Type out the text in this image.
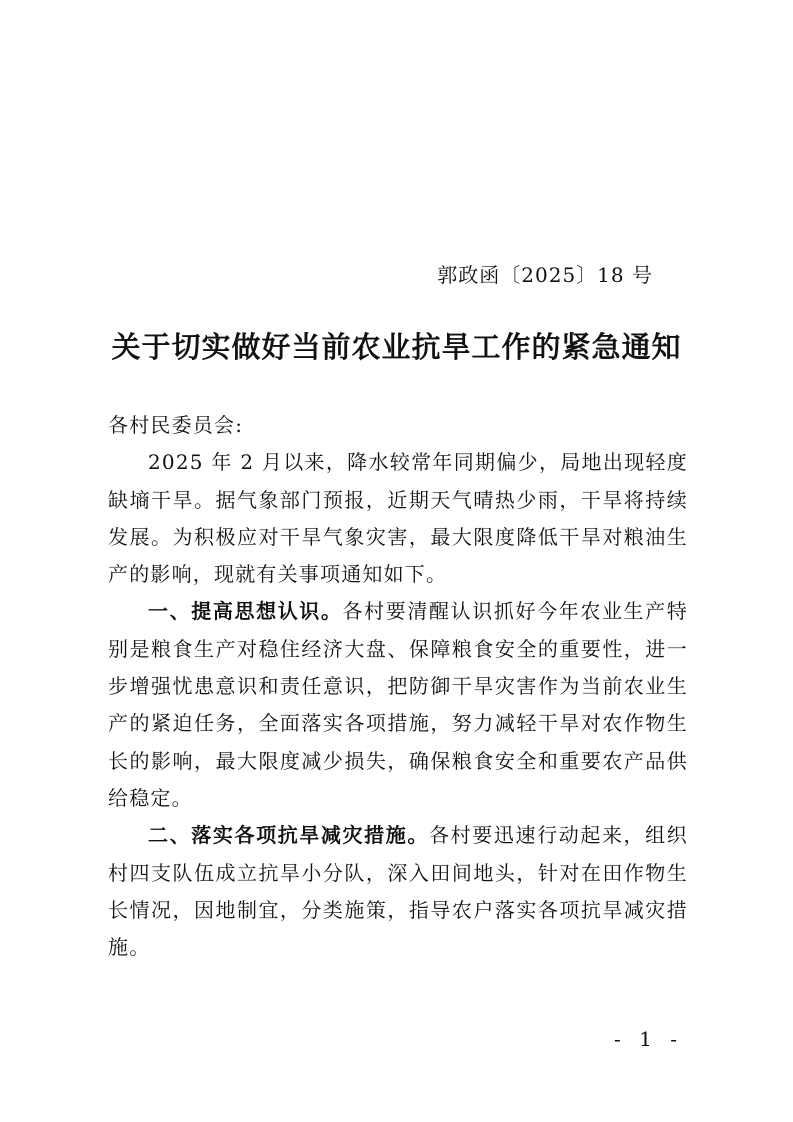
郭政函〔2025〕18 号
关于切实做好当前农业抗旱工作的紧急通知

各村民委员会:

2025 年 2 月以来，降水较常年同期偏少，局地出现轻度缺墒干旱。据气象部门预报，近期天气晴热少雨，干旱将持续发展。为积极应对干旱气象灾害，最大限度降低干旱对粮油生产的影响，现就有关事项通知如下。

一、提高思想认识。各村要清醒认识抓好今年农业生产特别是粮食生产对稳住经济大盘、保障粮食安全的重要性，进一步增强忧患意识和责任意识，把防御干旱灾害作为当前农业生产的紧迫任务，全面落实各项措施，努力减轻干旱对农作物生长的影响，最大限度减少损失，确保粮食安全和重要农产品供给稳定。

二、落实各项抗旱减灾措施。各村要迅速行动起来，组织村四支队伍成立抗旱小分队，深入田间地头，针对在田作物生长情况，因地制宜，分类施策，指导农户落实各项抗旱减灾措施。

- 1 -
